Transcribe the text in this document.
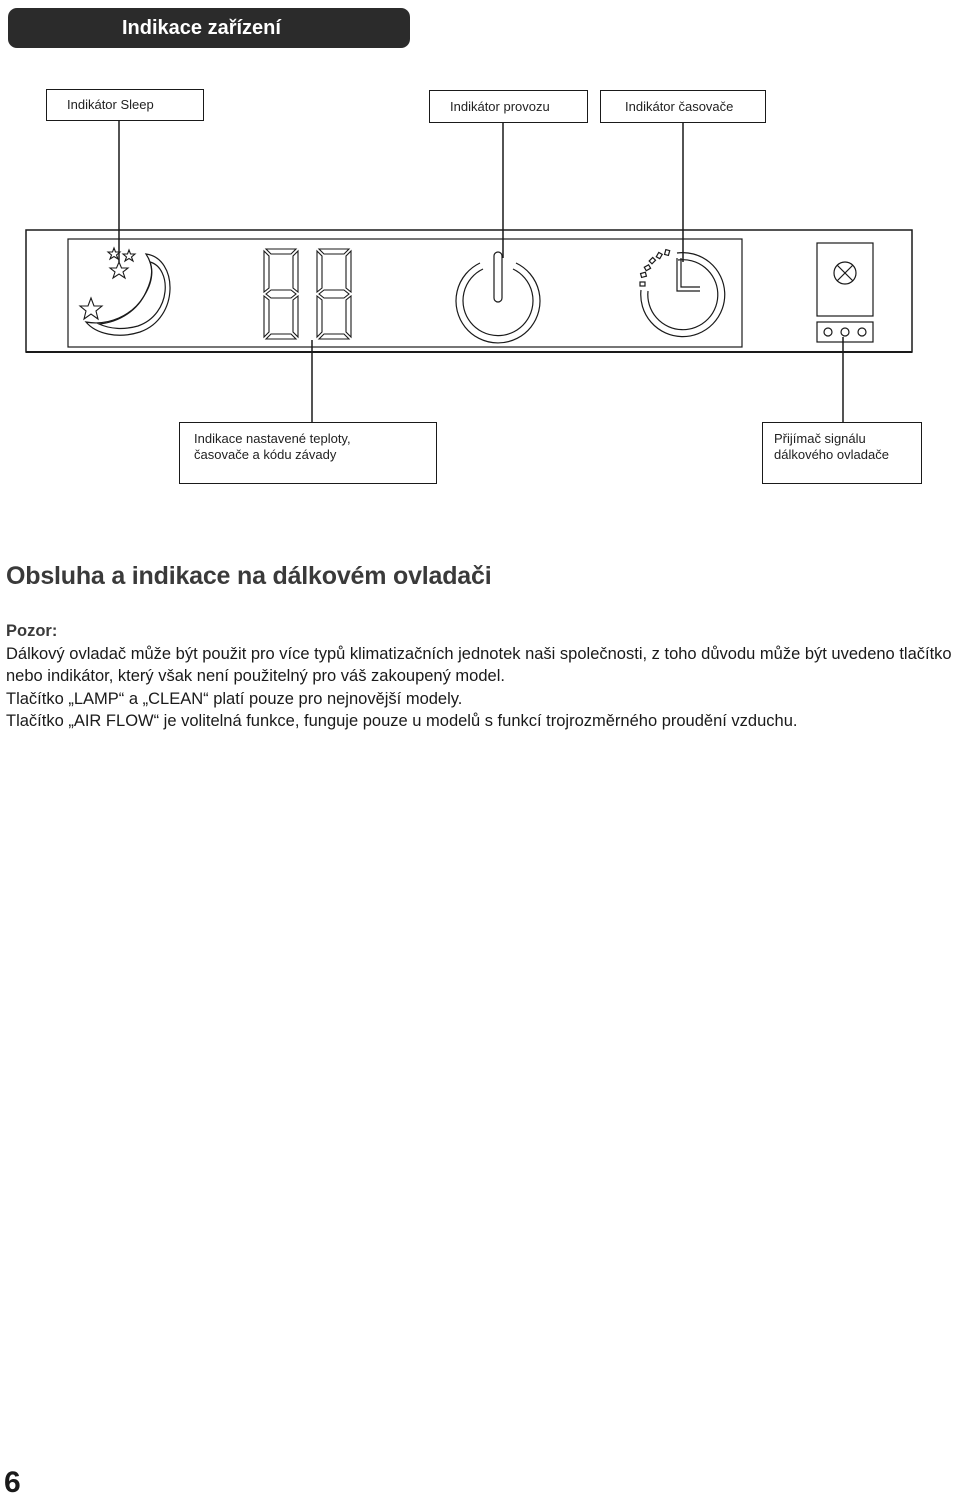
Indikace zařízení
Indikátor Sleep	Indikátor provozu	Indikátor časovače
Indikace nastavené teploty,
časovače a kódu závady
Přijímač signálu
dálkového ovladače
Obsluha a indikace na dálkovém ovladači
Pozor:
Dálkový ovladač může být použit pro více typů klimatizačních jednotek naši společnosti, z toho důvodu může být uvedeno tlačítko nebo indikátor, který však není použitelný pro váš zakoupený model.
Tlačítko „LAMP“ a „CLEAN“ platí pouze pro nejnovější modely.
Tlačítko „AIR FLOW“ je volitelná funkce, funguje pouze u modelů s funkcí trojrozměrného proudění vzduchu.
6
